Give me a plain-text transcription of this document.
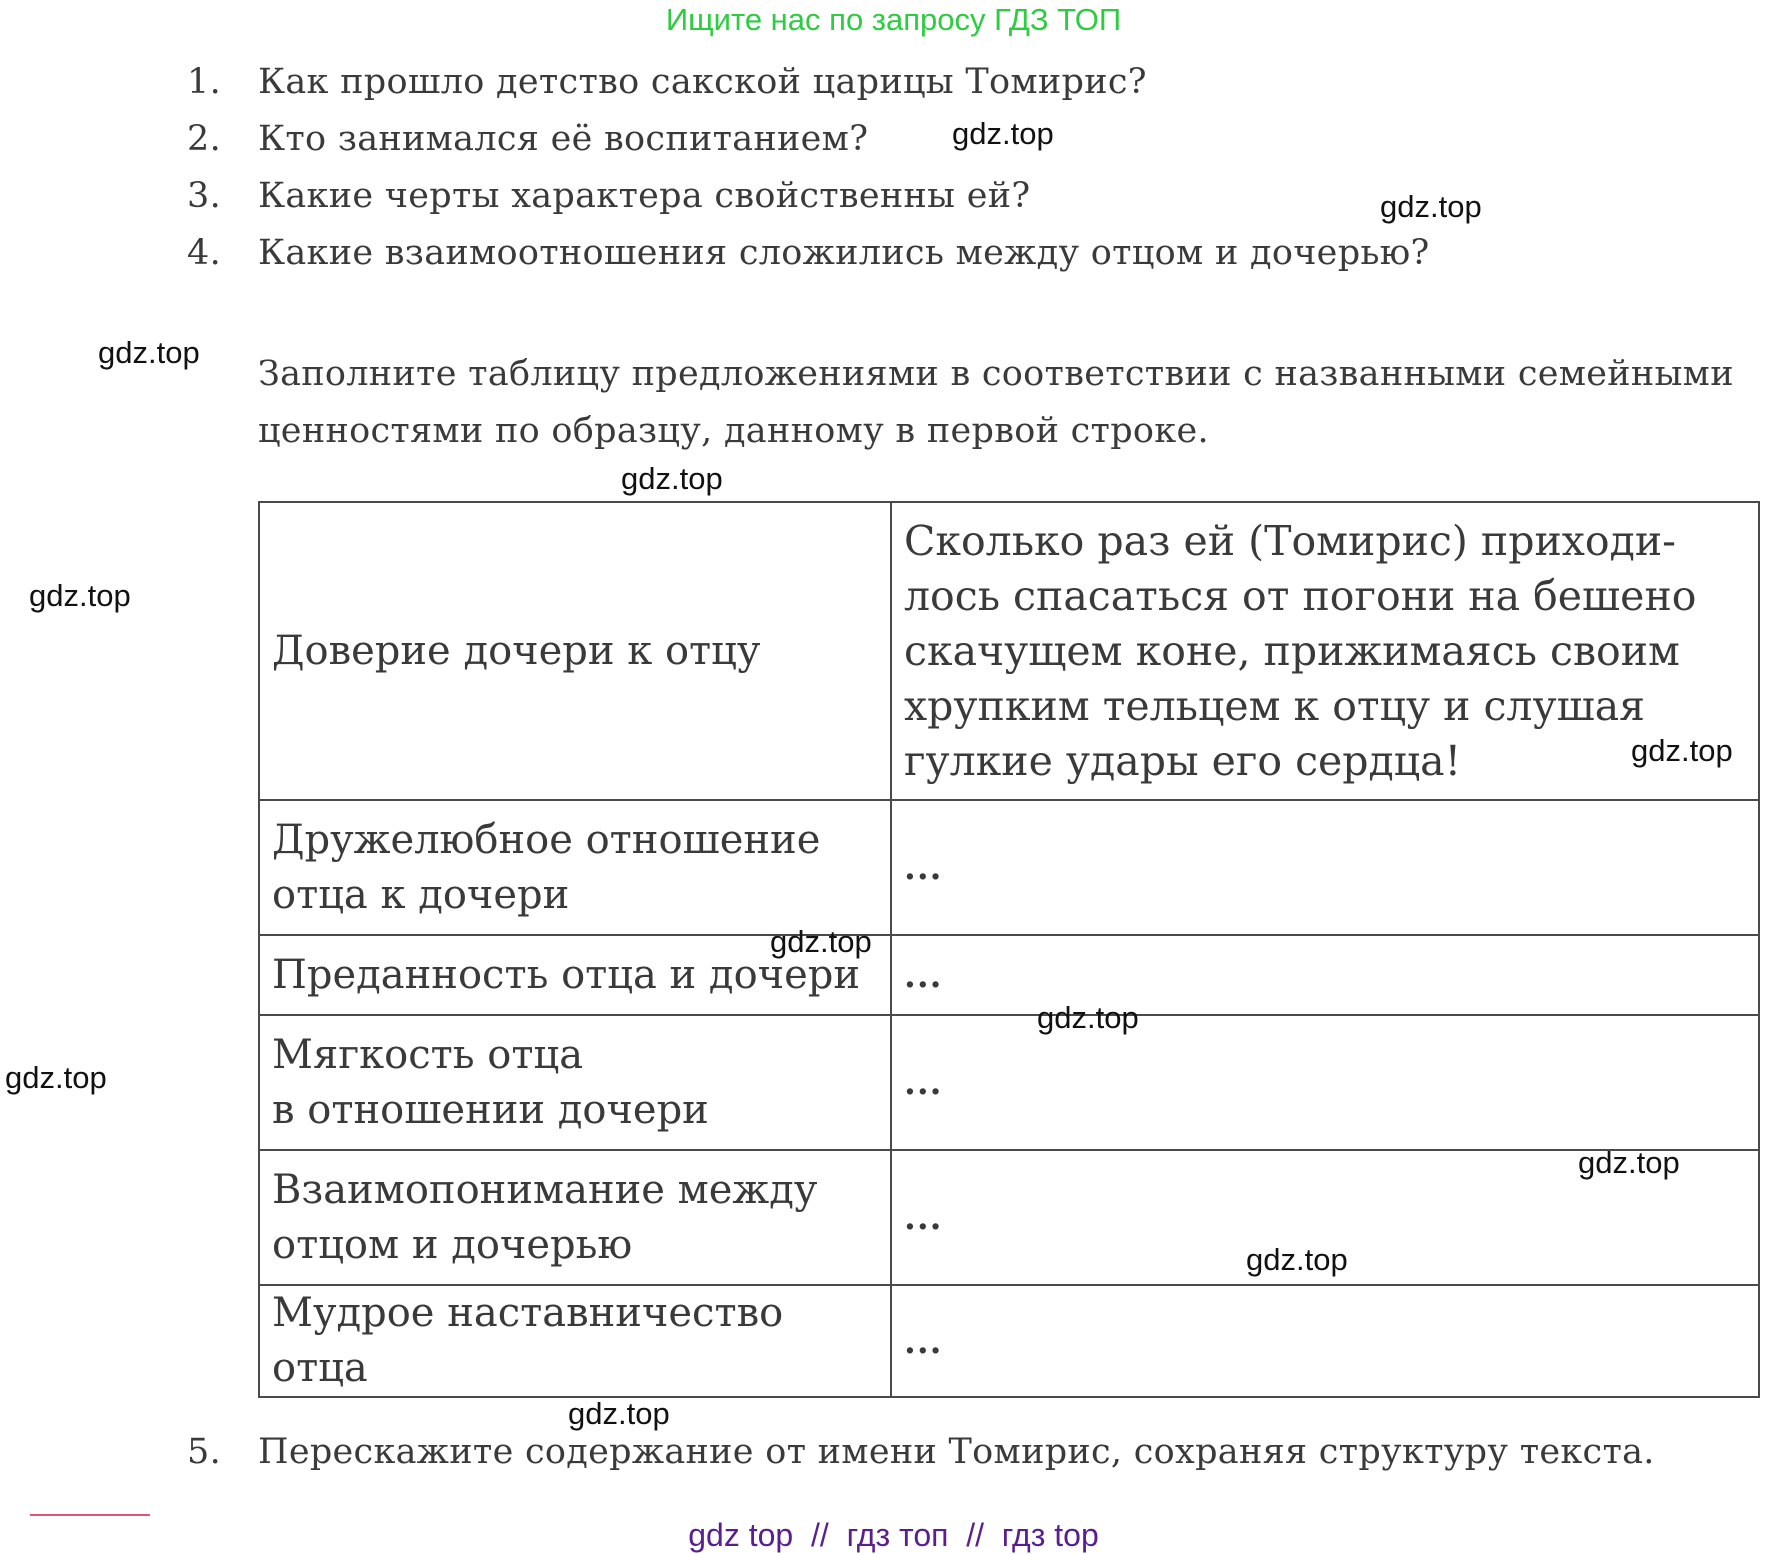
Ищите нас по запросу ГДЗ ТОП
1. Как прошло детство сакской царицы Томирис?
2. Кто занимался её воспитанием?
3. Какие черты характера свойственны ей?
4. Какие взаимоотношения сложились между отцом и дочерью?
Заполните таблицу предложениями в соответствии с названными семейными ценностями по образцу, данному в первой строке.
Доверие дочери к отцу	Сколько раз ей (Томирис) приходи-
лось спасаться от погони на бешено
скачущем коне, прижимаясь своим
хрупким тельцем к отцу и слушая
гулкие удары его сердца!
Дружелюбное отношение
отца к дочери	...
Преданность отца и дочери	...
Мягкость отца
в отношении дочери	...
Взаимопонимание между
отцом и дочерью	...
Мудрое наставничество отца	...
5. Перескажите содержание от имени Томирис, сохраняя структуру текста.
gdz.top
gdz.top
gdz.top
gdz.top
gdz.top
gdz.top
gdz.top
gdz.top
gdz.top
gdz.top
gdz.top
gdz.top
gdz top  //  гдз топ  //  гдз top
